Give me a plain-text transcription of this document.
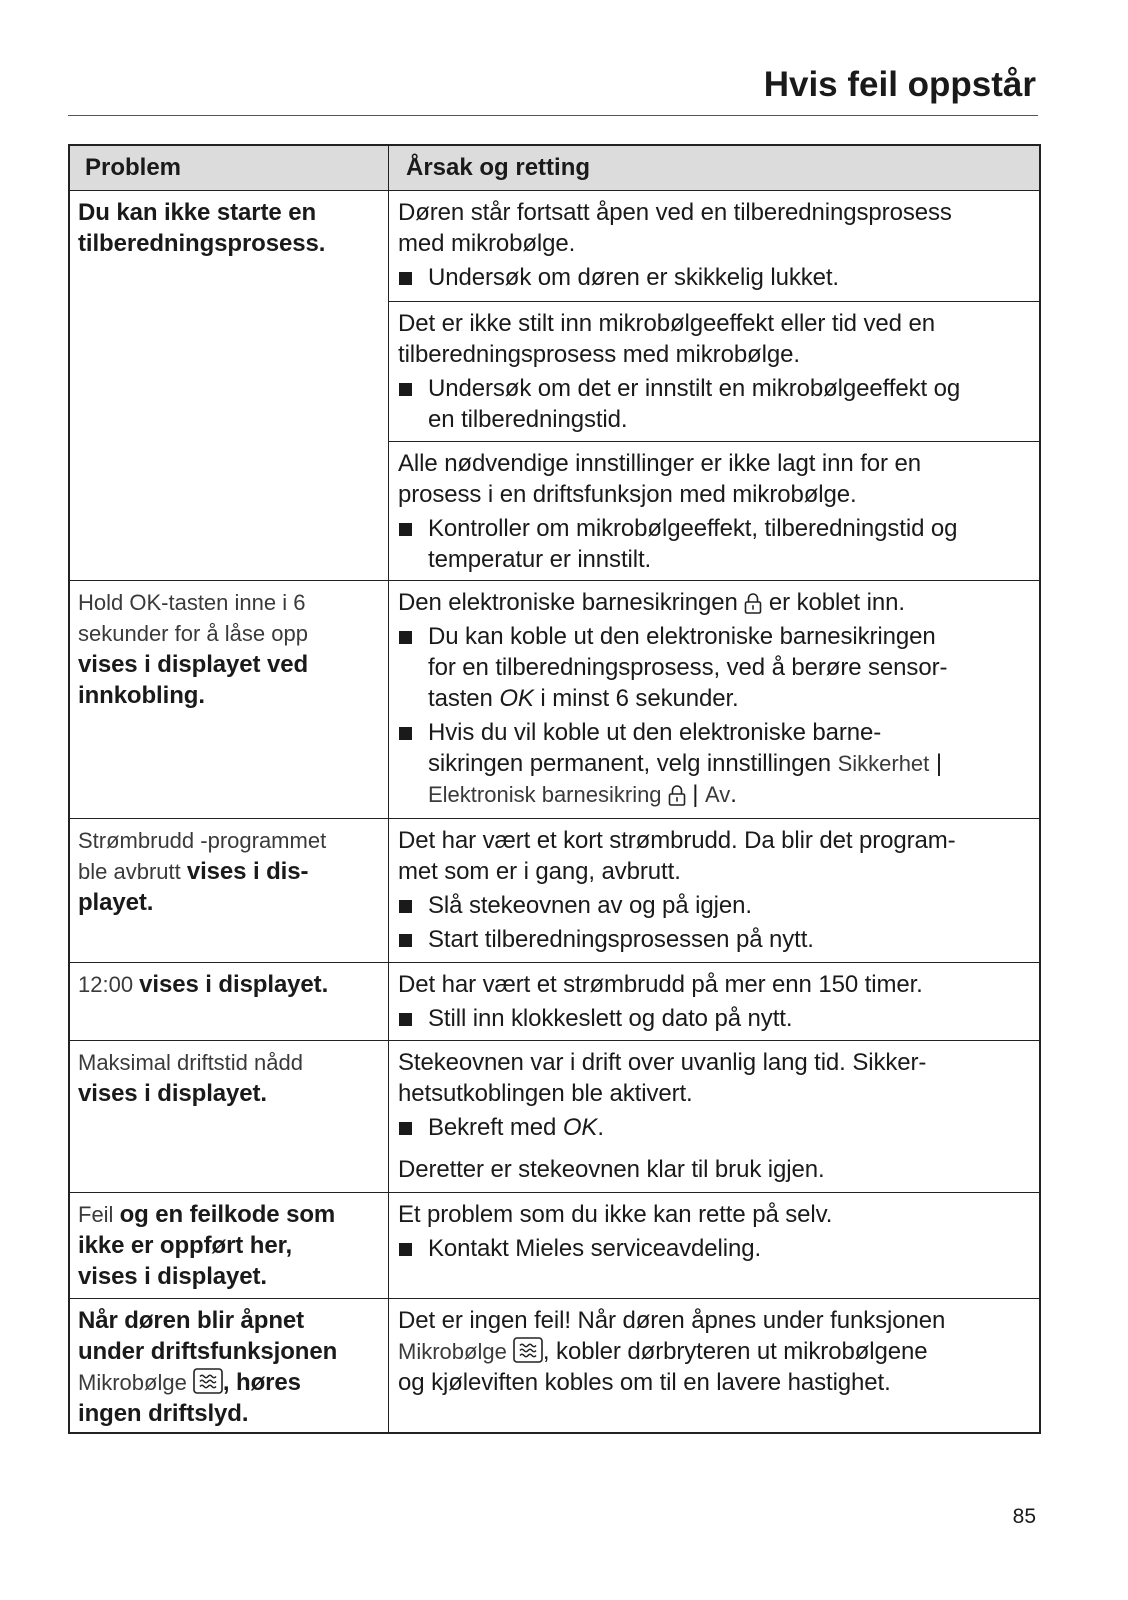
Hvis feil oppstår
Problem	Årsak og retting
Du kan ikke starte en
tilberedningsprosess.
Døren står fortsatt åpen ved en tilberedningsprosess
med mikrobølge.
Undersøk om døren er skikkelig lukket.
Det er ikke stilt inn mikrobølgeeffekt eller tid ved en
tilberedningsprosess med mikrobølge.
Undersøk om det er innstilt en mikrobølgeeffekt og
en tilberedningstid.
Alle nødvendige innstillinger er ikke lagt inn for en
prosess i en driftsfunksjon med mikrobølge.
Kontroller om mikrobølgeeffekt, tilberedningstid og
temperatur er innstilt.
Hold OK-tasten inne i 6
sekunder for å låse opp
vises i displayet ved
innkobling.
Den elektroniske barnesikringen  er koblet inn.
Du kan koble ut den elektroniske barnesikringen
for en tilberedningsprosess, ved å berøre sensor-
tasten OK i minst 6 sekunder.
Hvis du vil koble ut den elektroniske barne-
sikringen permanent, velg innstillingen Sikkerhet |
Elektronisk barnesikring  | Av.
Strømbrudd -programmet
ble avbrutt vises i dis-
playet.
Det har vært et kort strømbrudd. Da blir det program-
met som er i gang, avbrutt.
Slå stekeovnen av og på igjen.
Start tilberedningsprosessen på nytt.
12:00 vises i displayet.	Det har vært et strømbrudd på mer enn 150 timer.
Still inn klokkeslett og dato på nytt.
Maksimal driftstid nådd
vises i displayet.
Stekeovnen var i drift over uvanlig lang tid. Sikker-
hetsutkoblingen ble aktivert.
Bekreft med OK.
Deretter er stekeovnen klar til bruk igjen.
Feil og en feilkode som
ikke er oppført her,
vises i displayet.
Et problem som du ikke kan rette på selv.
Kontakt Mieles serviceavdeling.
Når døren blir åpnet
under driftsfunksjonen
Mikrobølge , høres
ingen driftslyd.
Det er ingen feil! Når døren åpnes under funksjonen
Mikrobølge , kobler dørbryteren ut mikrobølgene
og kjøleviften kobles om til en lavere hastighet.
85
